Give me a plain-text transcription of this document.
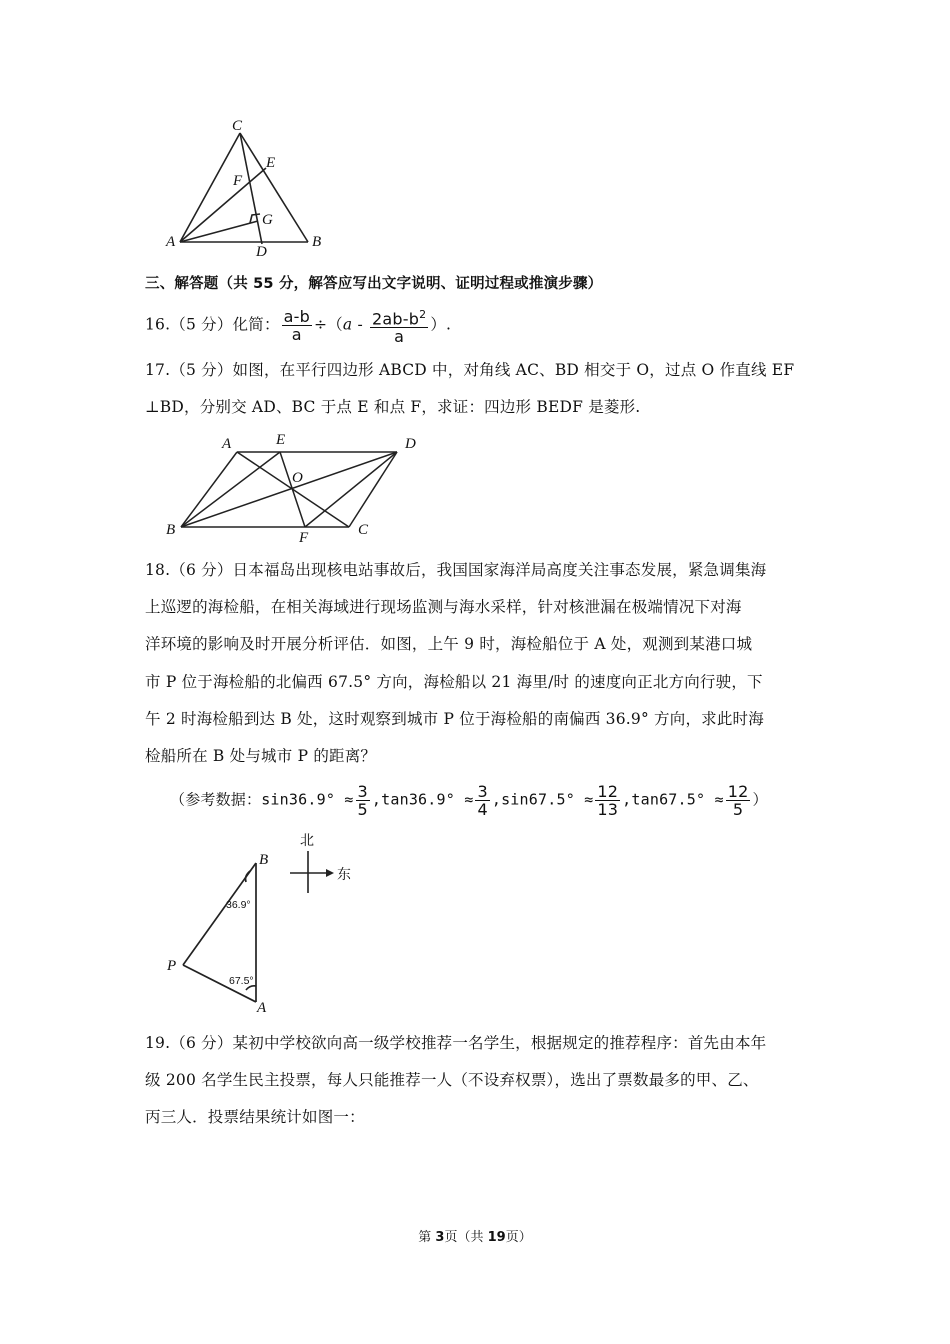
C
E
F
G
A
D
B
三、解答题（共 55 分，解答应写出文字说明、证明过程或推演步骤）
16.（5 分）化简： $\frac{a-b}{a} \div(a - \frac{2ab-b^2}{a}$ ）.
17.（5 分）如图，在平行四边形 ABCD 中，对角线 AC、BD 相交于 O，过点 O 作直线 EF
⊥BD，分别交 AD、BC 于点 E 和点 F，求证：四边形 BEDF 是菱形.
A	E	D
O
B	F	C
18.（6 分）日本福岛出现核电站事故后，我国国家海洋局高度关注事态发展，紧急调集海
上巡逻的海检船，在相关海域进行现场监测与海水采样，针对核泄漏在极端情况下对海
洋环境的影响及时开展分析评估．如图，上午 9 时，海检船位于 A 处，观测到某港口城
市 P 位于海检船的北偏西 67.5° 方向，海检船以 21 海里/时 的速度向正北方向行驶，下
午 2 时海检船到达 B 处，这时观察到城市 P 位于海检船的南偏西 36.9° 方向，求此时海
检船所在 B 处与城市 P 的距离？
（参考数据：$\sin 36.9^\circ \approx \frac{3}{5} ,\tan 36.9^\circ \approx \frac{3}{4} ,\sin 67.5^\circ \approx \frac{12}{13} ,\tan 67.5^\circ \approx \frac{12}{5}$ ）
B
P
A
36.9°
67.5°
北
东
19.（6 分）某初中学校欲向高一级学校推荐一名学生，根据规定的推荐程序：首先由本年
级 200 名学生民主投票，每人只能推荐一人（不设弃权票），选出了票数最多的甲、乙、
丙三人．投票结果统计如图一：
第 3页（共 19页）
